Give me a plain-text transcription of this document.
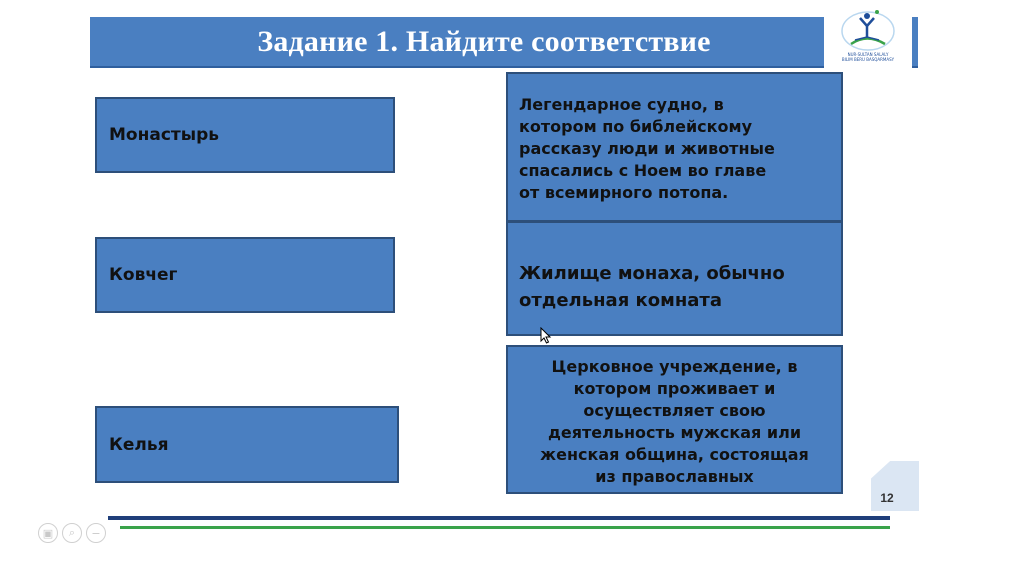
Задание 1. Найдите соответствие	NUR-SULTAN SALALY
BILIM BERU BASQARMASY
Монастырь
Ковчег
Келья
Легендарное судно, в
котором по библейскому
рассказу люди и животные
спасались с Ноем во главе
от всемирного потопа.
Жилище монаха, обычно
отдельная комната
Церковное учреждение, в
котором проживает и
осуществляет свою
деятельность мужская или
женская община, состоящая
из православных
12
▣	⌕	−
